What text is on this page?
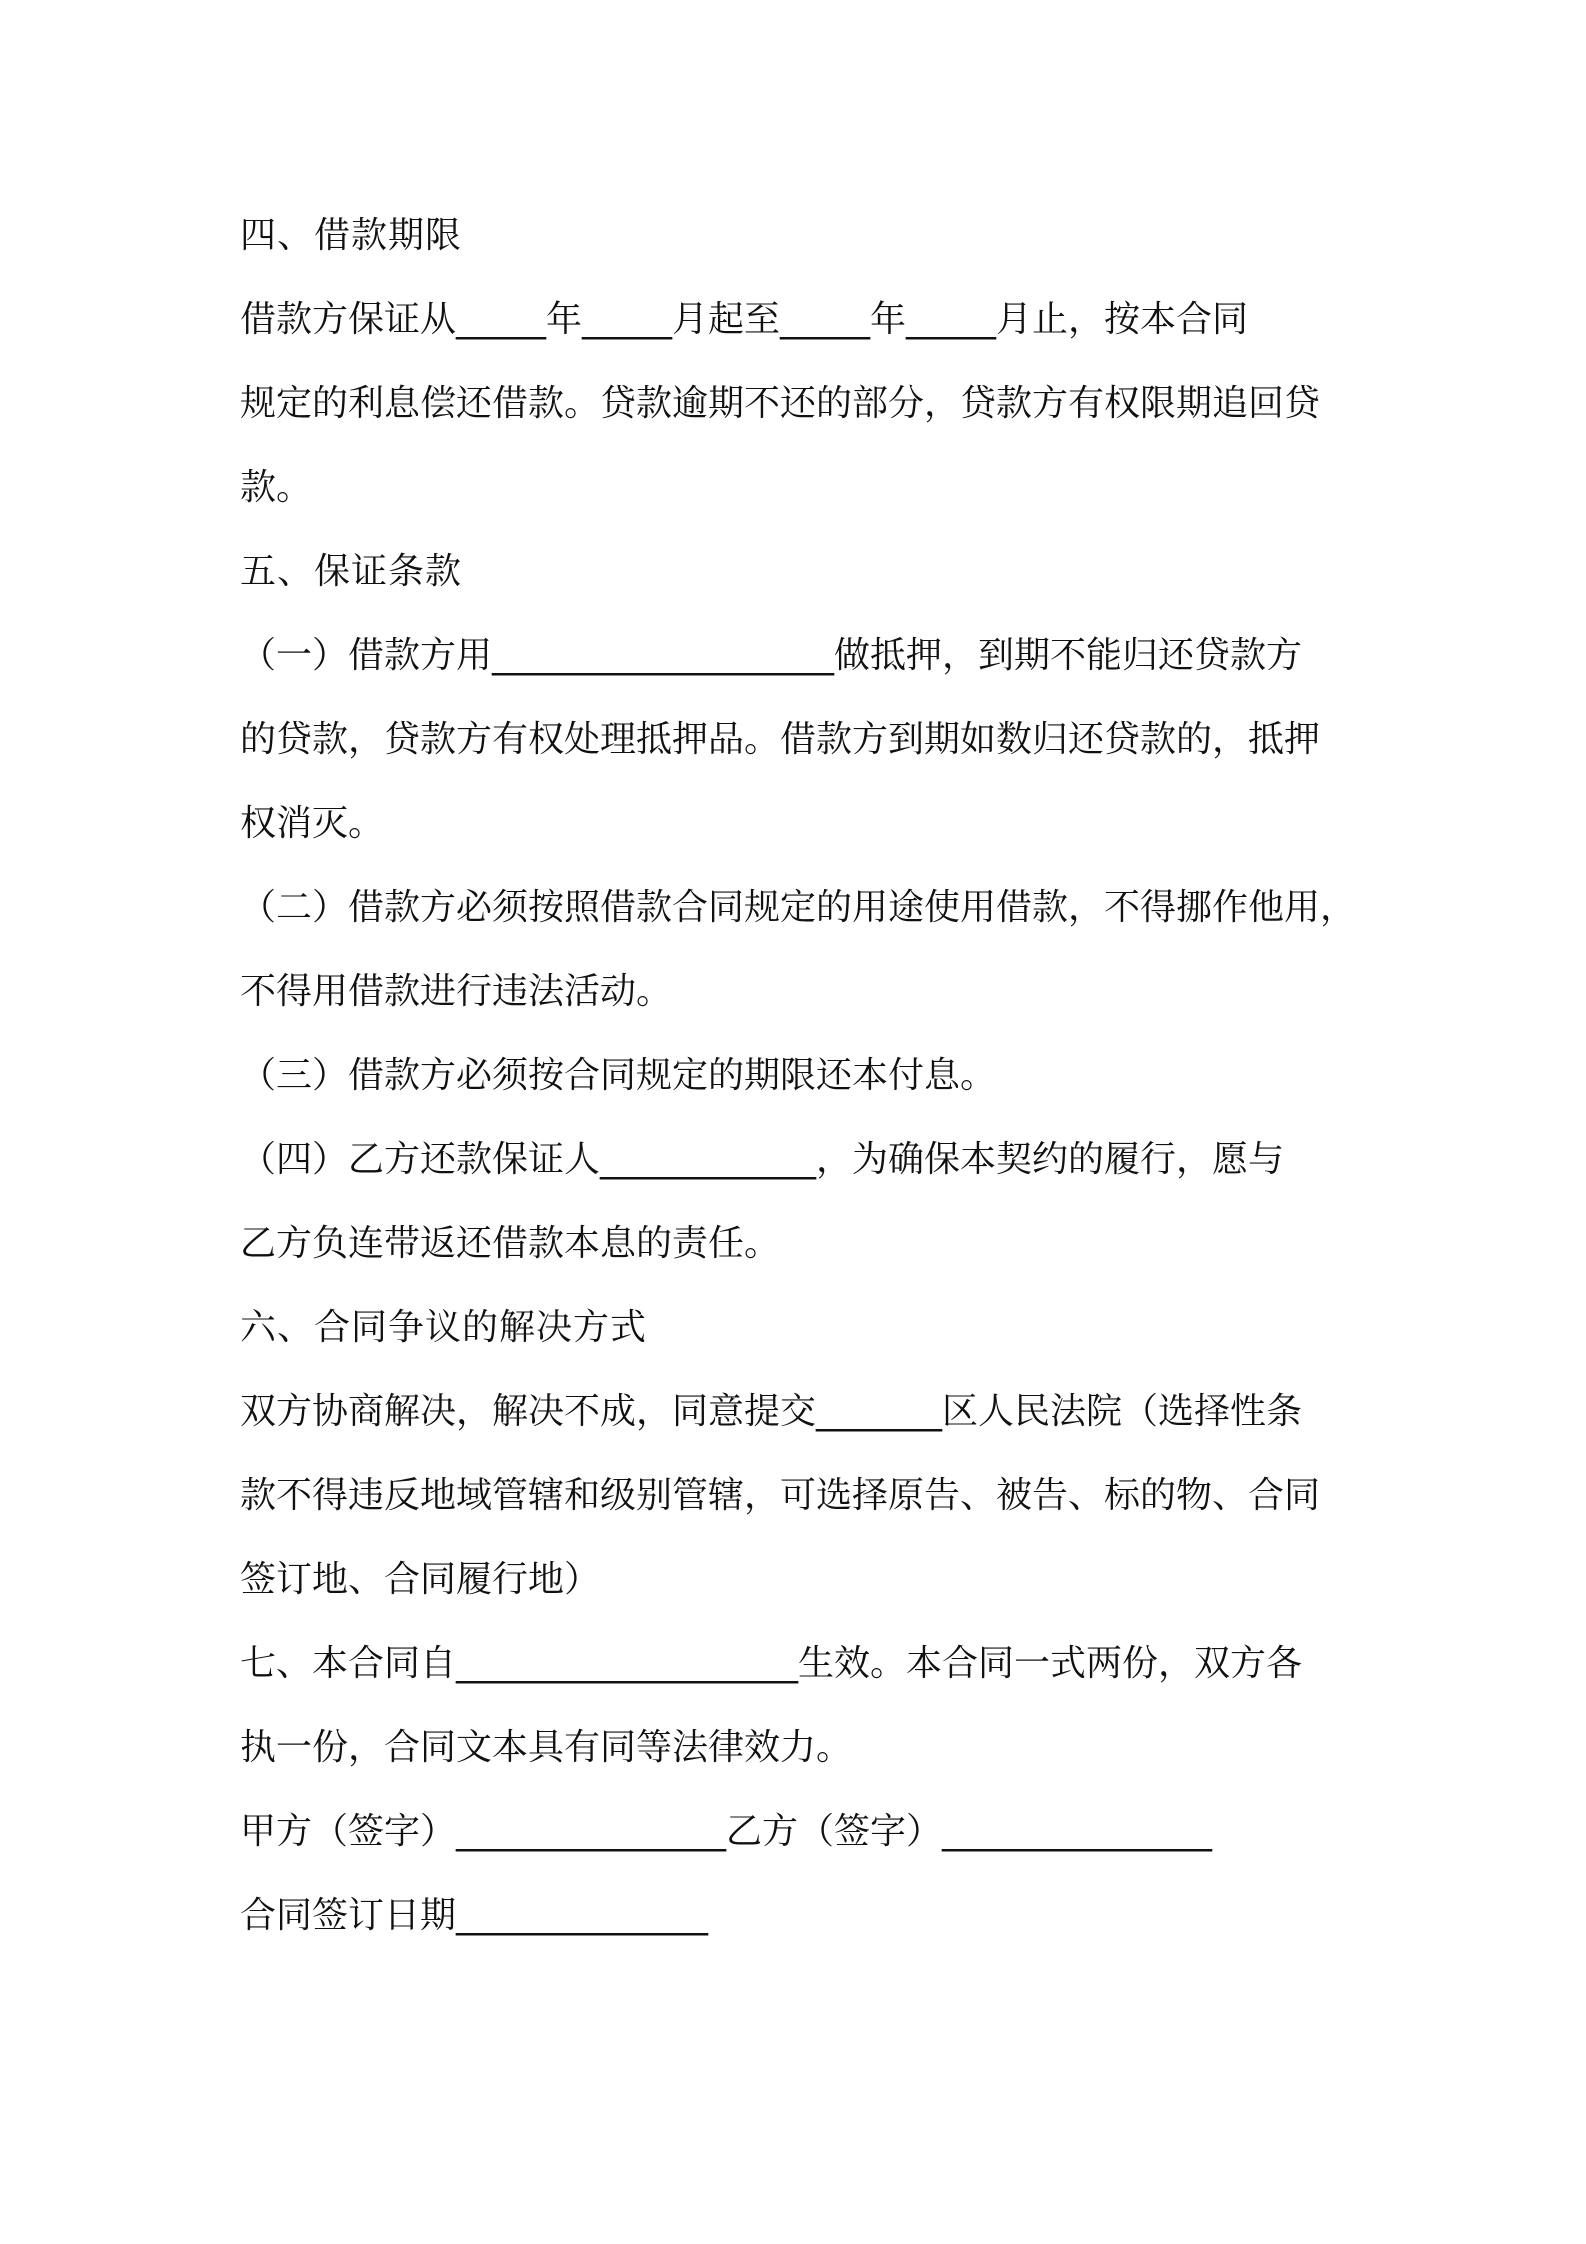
四、借款期限
借款方保证从_____年_____月起至_____年_____月止，按本合同
规定的利息偿还借款。贷款逾期不还的部分，贷款方有权限期追回贷
款。
五、保证条款
（一）借款方用___________________做抵押，到期不能归还贷款方
的贷款，贷款方有权处理抵押品。借款方到期如数归还贷款的，抵押
权消灭。
（二）借款方必须按照借款合同规定的用途使用借款，不得挪作他用，
不得用借款进行违法活动。
（三）借款方必须按合同规定的期限还本付息。
（四）乙方还款保证人____________，为确保本契约的履行，愿与
乙方负连带返还借款本息的责任。
六、合同争议的解决方式
双方协商解决，解决不成，同意提交_______区人民法院（选择性条
款不得违反地域管辖和级别管辖，可选择原告、被告、标的物、合同
签订地、合同履行地）
七、本合同自___________________生效。本合同一式两份，双方各
执一份，合同文本具有同等法律效力。
甲方（签字）_______________乙方（签字）_______________
合同签订日期______________
